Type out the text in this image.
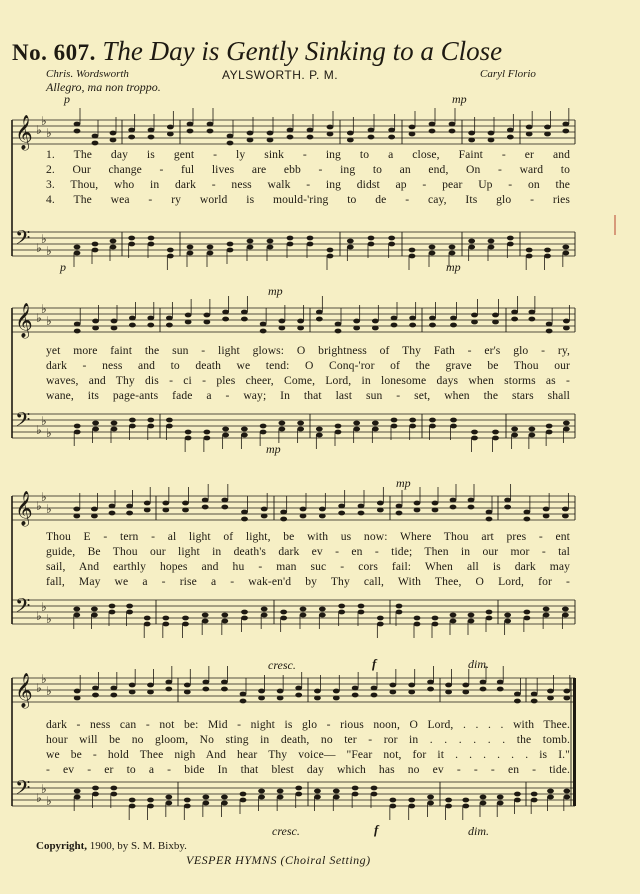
No. 607. The Day is Gently Sinking to a Close
Chris. Wordsworth	AYLSWORTH. P. M.	Caryl Florio
Allegro, ma non troppo.
𝄞
𝄢
♭
♭
♭
♭
♭
♭
p	mp
p	mp
1. The day is gent - ly sink - ing to a close, Faint - er and
2. Our change - ful lives are ebb - ing to an end, On - ward to
3. Thou, who in dark - ness walk - ing didst ap - pear Up - on the
4. The wea - ry world is mould-'ring to de - cay, Its glo - ries
𝄞
𝄢
♭
♭
♭
♭
♭
♭
mp
mp
yet more faint the sun - light glows: O brightness of Thy Fath - er's glo - ry,
dark - ness and to death we tend: O Conq-'ror of the grave be Thou our
waves, and Thy dis - ci - ples cheer, Come, Lord, in lonesome days when storms as -
wane, its page-ants fade a - way; In that last sun - set, when the stars shall
𝄞
𝄢
♭
♭
♭
♭
♭
♭
mp
Thou E - tern - al light of light, be with us now: Where Thou art pres - ent
guide, Be Thou our light in death's dark ev - en - tide; Then in our mor - tal
sail, And earthly hopes and hu - man suc - cors fail: When all is dark may
fall, May we a - rise a - wak-en'd by Thy call, With Thee, O Lord, for -
𝄞
𝄢
♭
♭
♭
♭
♭
♭
cresc.	f	dim.
cresc.	f	dim.
dark - ness can - not be: Mid - night is glo - rious noon, O Lord, . . . . with Thee.
hour will be no gloom, No sting in death, no ter - ror in . . . . . . the tomb.
we be - hold Thee nigh And hear Thy voice— "Fear not, for it . . . . . . is I."
- ev - er to a - bide In that blest day which has no ev - - - en - tide.
Copyright, 1900, by S. M. Bixby.
VESPER HYMNS (Choiral Setting)
